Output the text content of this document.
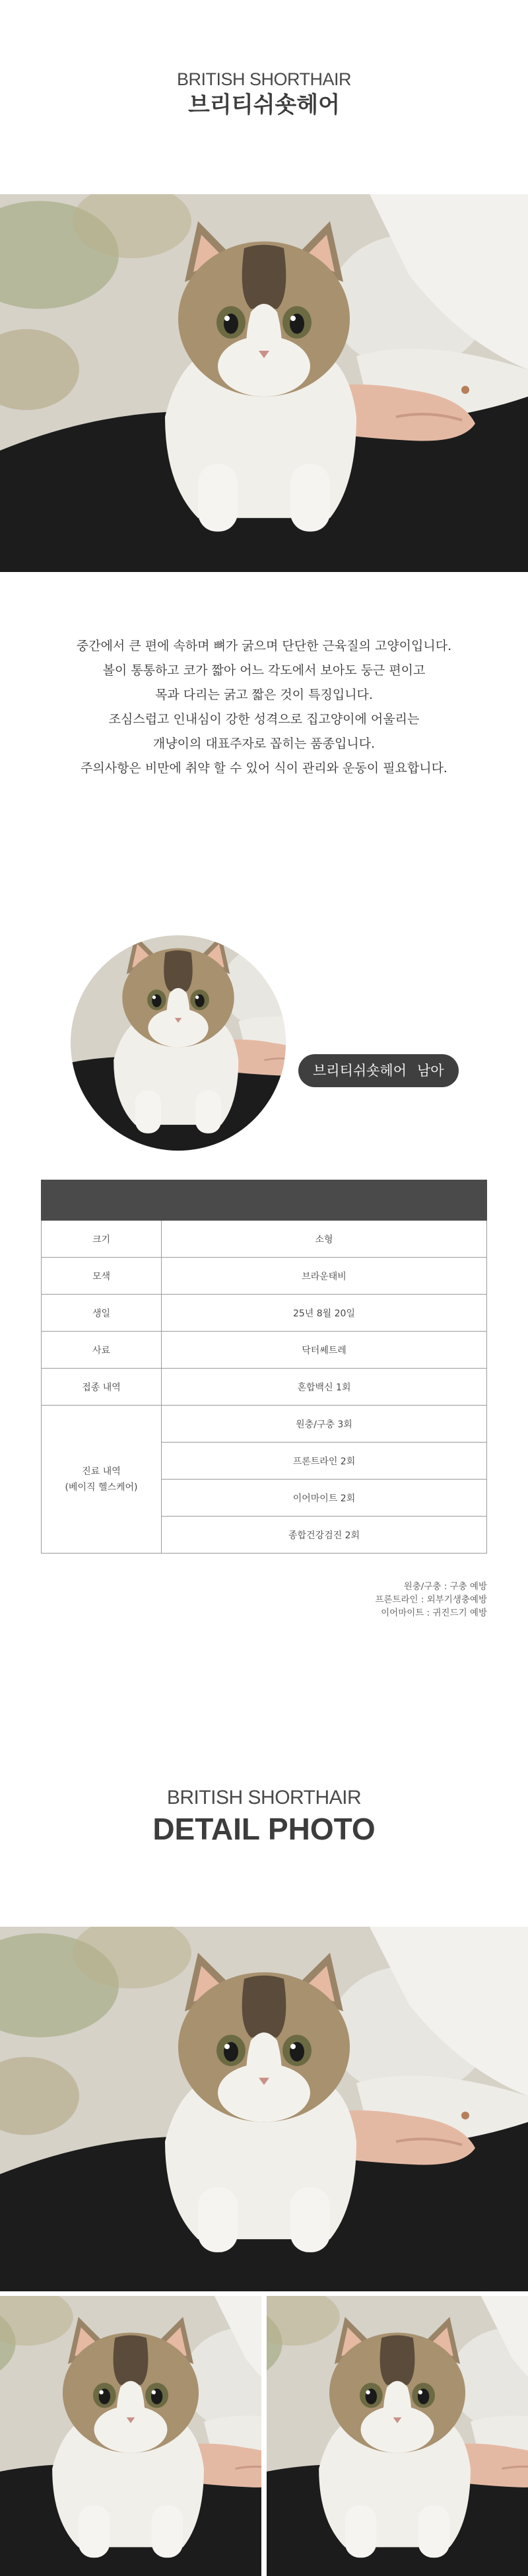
BRITISH SHORTHAIR
브리티쉬숏헤어

중간에서 큰 편에 속하며 뼈가 굵으며 단단한 근육질의 고양이입니다.

볼이 통통하고 코가 짧아 어느 각도에서 보아도 둥근 편이고

목과 다리는 굵고 짧은 것이 특징입니다.

조심스럽고 인내심이 강한 성격으로 집고양이에 어울리는

개냥이의 대표주자로 꼽히는 품종입니다.

주의사항은 비만에 취약 할 수 있어 식이 관리와 운동이 필요합니다.

브리티쉬숏헤어 남아

크기	소형
모색	브라운태비
생일	25년 8월 20일
사료	닥터쎄트레
접종 내역	혼합백신 1회

진료 내역
(베이직 헬스케어)	원충/구충 3회
	프론트라인 2회
	이어마이트 2회
	종합건강검진 2회

원충/구충 : 구충 예방

프론트라인 : 외부기생충예방

이어마이트 : 귀진드기 예방

BRITISH SHORTHAIR
DETAIL PHOTO
